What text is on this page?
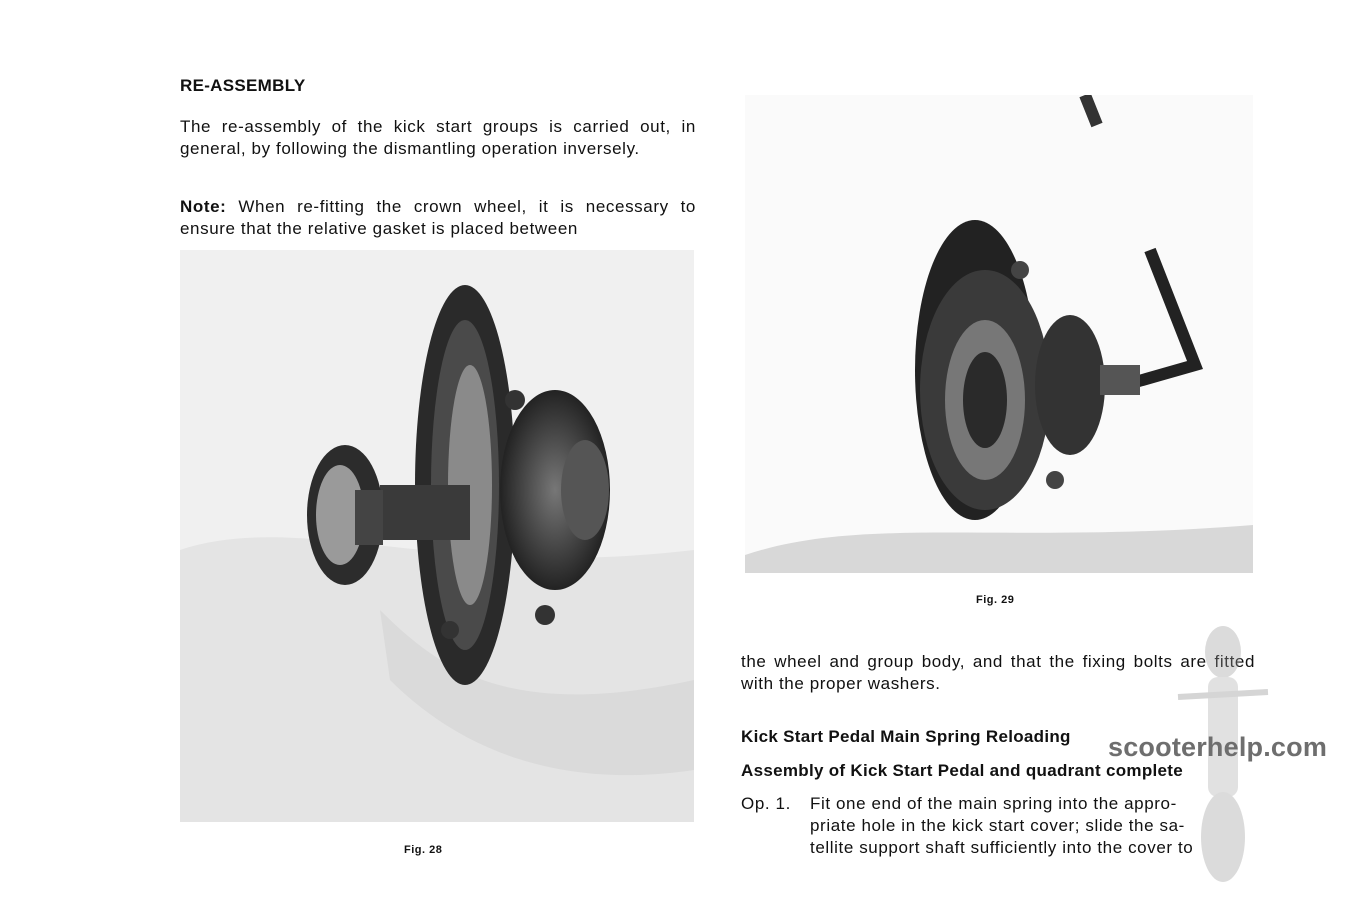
RE-ASSEMBLY
The re-assembly of the kick start groups is carried out, in general, by following the dismantling operation inversely.
Note: When re-fitting the crown wheel, it is necessary to ensure that the relative gasket is placed between
Fig. 28
Fig. 29
the wheel and group body, and that the fixing bolts are fitted with the proper washers.
Kick Start Pedal Main Spring Reloading
Assembly of Kick Start Pedal and quadrant complete
Op. 1. Fit one end of the main spring into the appro-
priate hole in the kick start cover; slide the sa-
tellite support shaft sufficiently into the cover to
scooterhelp.com
